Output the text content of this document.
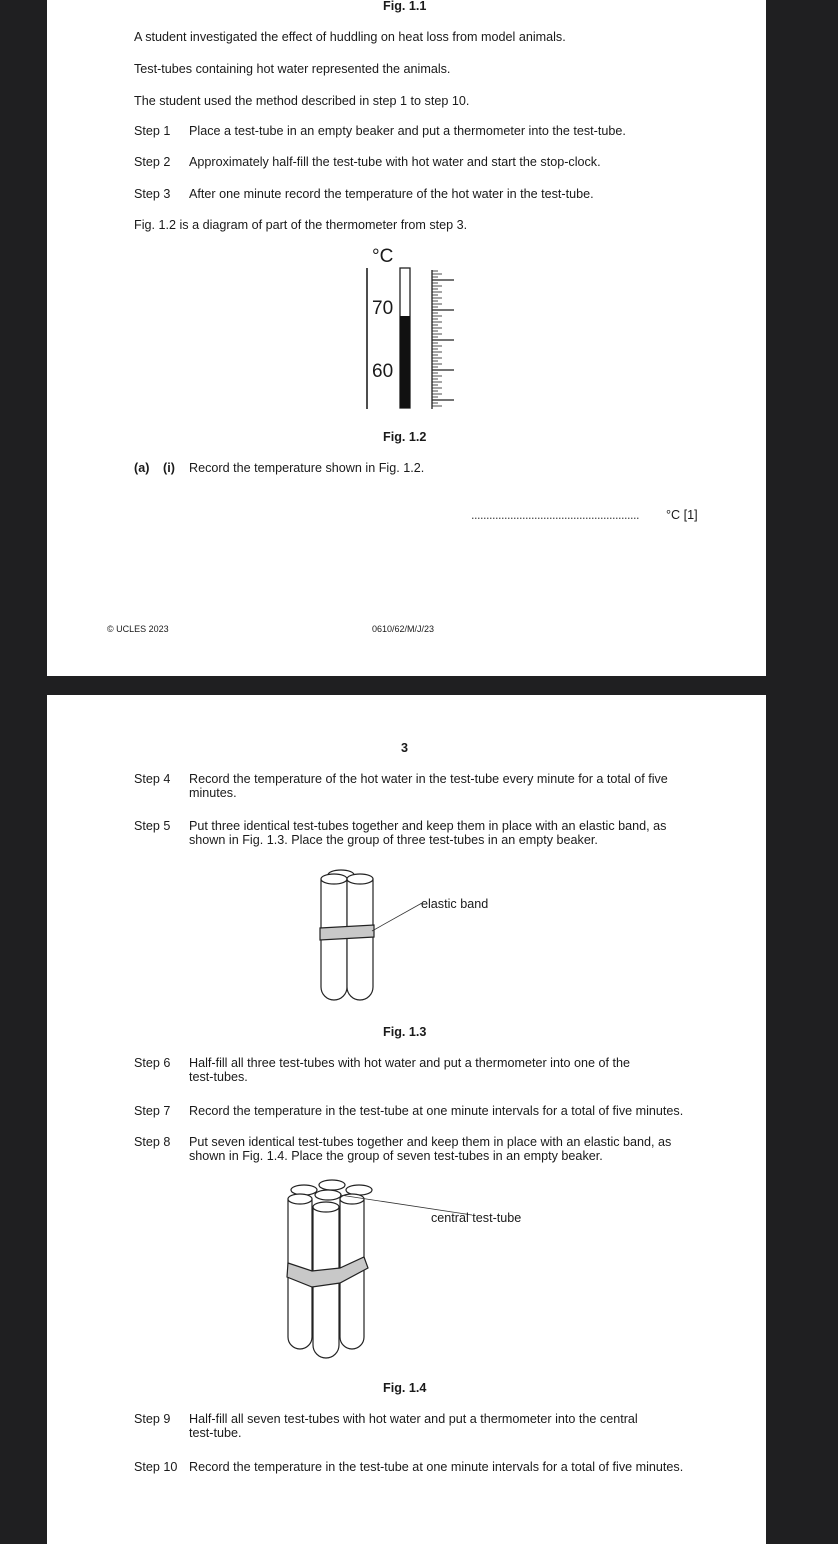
Fig. 1.1
A student investigated the effect of huddling on heat loss from model animals.
Test-tubes containing hot water represented the animals.
The student used the method described in step 1 to step 10.
Step 1 Place a test-tube in an empty beaker and put a thermometer into the test-tube.
Step 2 Approximately half-fill the test-tube with hot water and start the stop-clock.
Step 3 After one minute record the temperature of the hot water in the test-tube.
Fig. 1.2 is a diagram of part of the thermometer from step 3.
°C
70
60
Fig. 1.2
(a) (i) Record the temperature shown in Fig. 1.2.
........................................................ °C [1]
© UCLES 2023	0610/62/M/J/23
3
Step 4 Record the temperature of the hot water in the test-tube every minute for a total of five
minutes.
Step 5 Put three identical test-tubes together and keep them in place with an elastic band, as
shown in Fig. 1.3. Place the group of three test-tubes in an empty beaker.
elastic band
Fig. 1.3
Step 6 Half-fill all three test-tubes with hot water and put a thermometer into one of the
test-tubes.
Step 7 Record the temperature in the test-tube at one minute intervals for a total of five minutes.
Step 8 Put seven identical test-tubes together and keep them in place with an elastic band, as
shown in Fig. 1.4. Place the group of seven test-tubes in an empty beaker.
central test-tube
Fig. 1.4
Step 9 Half-fill all seven test-tubes with hot water and put a thermometer into the central
test-tube.
Step 10 Record the temperature in the test-tube at one minute intervals for a total of five minutes.
